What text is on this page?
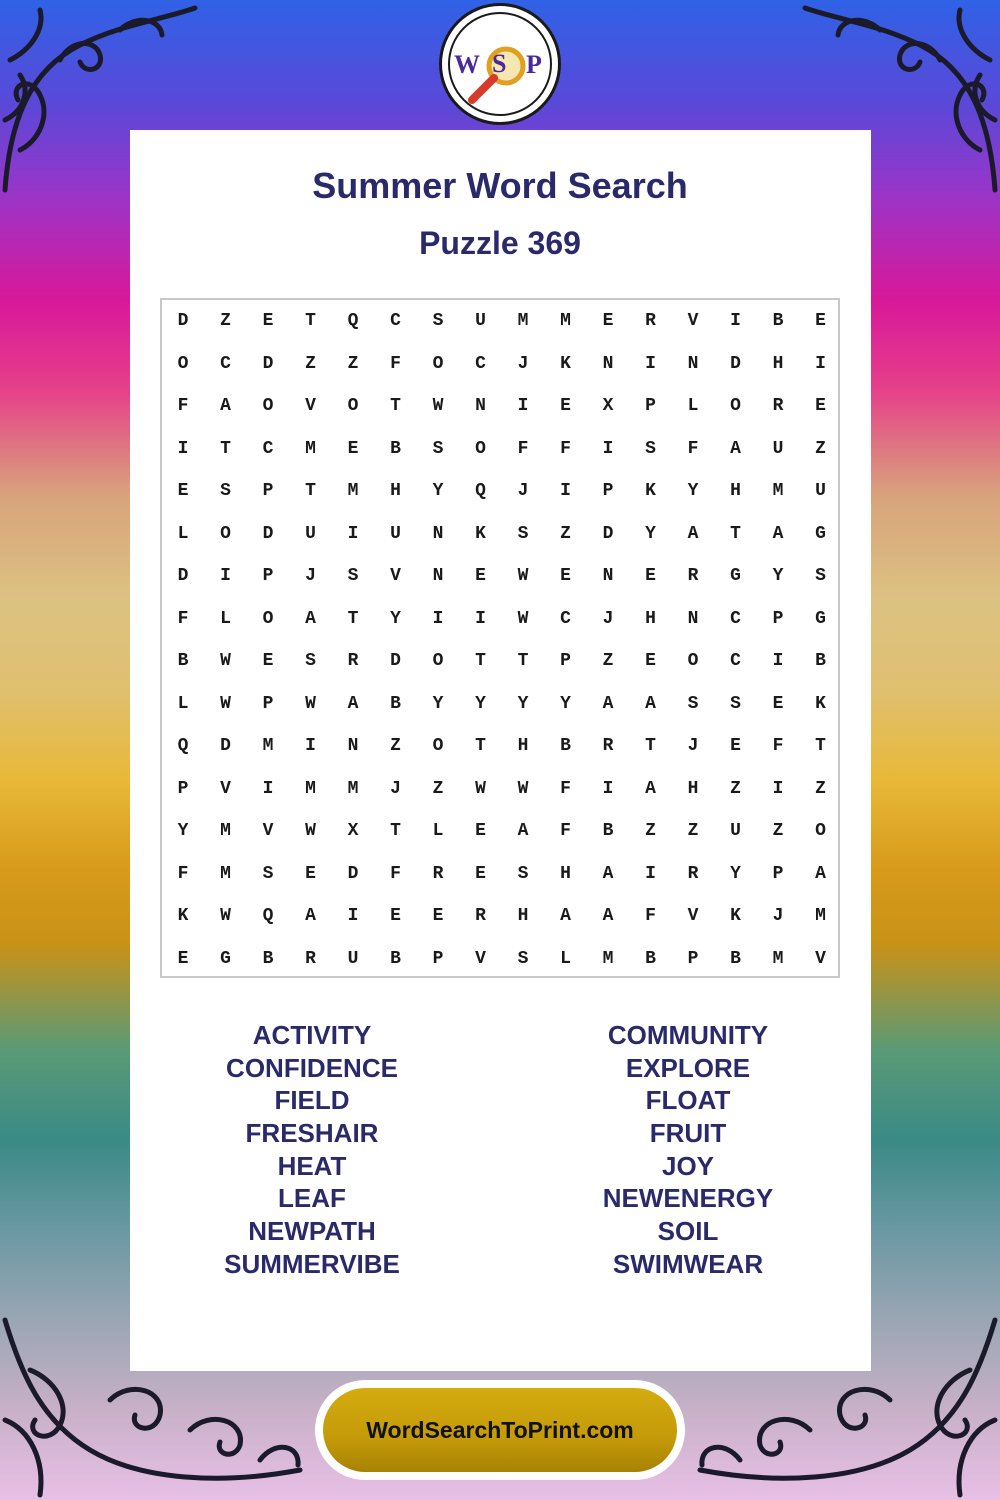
W S P
Summer Word Search
Puzzle 369
D	Z	E	T	Q	C	S	U	M	M	E	R	V	I	B	E
O	C	D	Z	Z	F	O	C	J	K	N	I	N	D	H	I
F	A	O	V	O	T	W	N	I	E	X	P	L	O	R	E
I	T	C	M	E	B	S	O	F	F	I	S	F	A	U	Z
E	S	P	T	M	H	Y	Q	J	I	P	K	Y	H	M	U
L	O	D	U	I	U	N	K	S	Z	D	Y	A	T	A	G
D	I	P	J	S	V	N	E	W	E	N	E	R	G	Y	S
F	L	O	A	T	Y	I	I	W	C	J	H	N	C	P	G
B	W	E	S	R	D	O	T	T	P	Z	E	O	C	I	B
L	W	P	W	A	B	Y	Y	Y	Y	A	A	S	S	E	K
Q	D	M	I	N	Z	O	T	H	B	R	T	J	E	F	T
P	V	I	M	M	J	Z	W	W	F	I	A	H	Z	I	Z
Y	M	V	W	X	T	L	E	A	F	B	Z	Z	U	Z	O
F	M	S	E	D	F	R	E	S	H	A	I	R	Y	P	A
K	W	Q	A	I	E	E	R	H	A	A	F	V	K	J	M
E	G	B	R	U	B	P	V	S	L	M	B	P	B	M	V
ACTIVITY
CONFIDENCE
FIELD
FRESHAIR
HEAT
LEAF
NEWPATH
SUMMERVIBE
COMMUNITY
EXPLORE
FLOAT
FRUIT
JOY
NEWENERGY
SOIL
SWIMWEAR
WordSearchToPrint.com
